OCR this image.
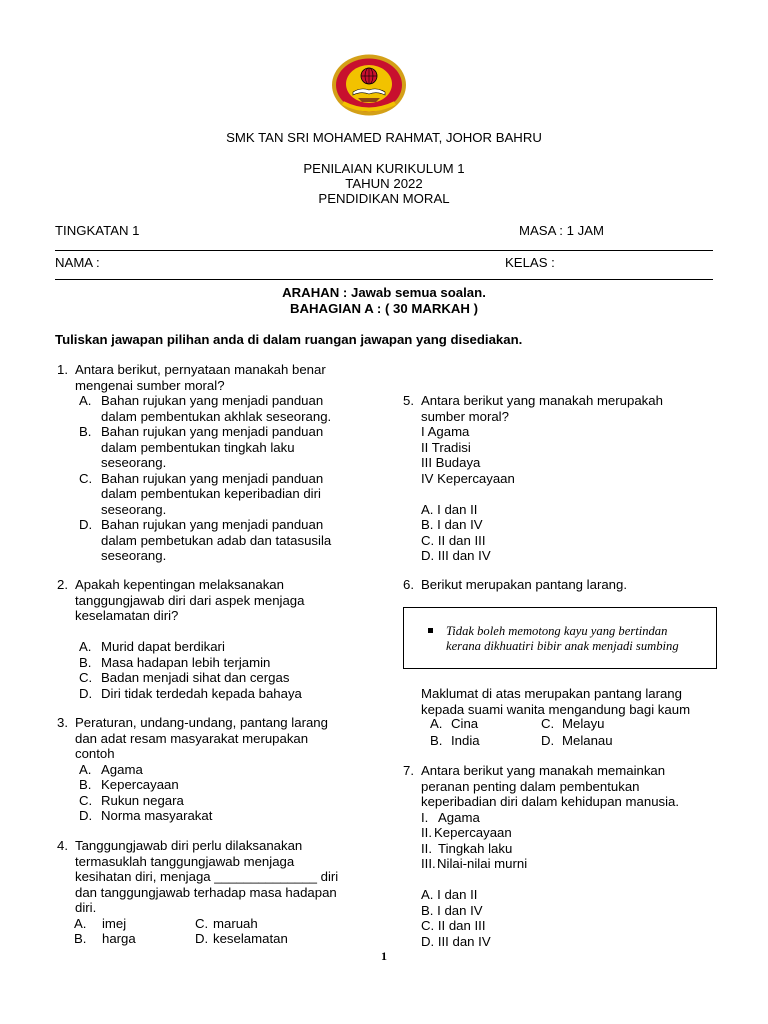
SMK TAN SRI MOHAMED RAHMAT, JOHOR BAHRU
PENILAIAN KURIKULUM 1
TAHUN 2022
PENDIDIKAN MORAL
TINGKATAN 1	MASA : 1 JAM
NAMA :	KELAS :
ARAHAN : Jawab semua soalan.
BAHAGIAN A : ( 30 MARKAH )
Tuliskan jawapan pilihan anda di dalam ruangan jawapan yang disediakan.
1. Antara berikut, pernyataan manakah benar
mengenai sumber moral?
A. Bahan rujukan yang menjadi panduan
dalam pembentukan akhlak seseorang.
B. Bahan rujukan yang menjadi panduan
dalam pembentukan tingkah laku
seseorang.
C. Bahan rujukan yang menjadi panduan
dalam pembentukan keperibadian diri
seseorang.
D. Bahan rujukan yang menjadi panduan
dalam pembetukan adab dan tatasusila
seseorang.
2. Apakah kepentingan melaksanakan
tanggungjawab diri dari aspek menjaga
keselamatan diri?
A. Murid dapat berdikari
B. Masa hadapan lebih terjamin
C. Badan menjadi sihat dan cergas
D. Diri tidak terdedah kepada bahaya
3. Peraturan, undang-undang, pantang larang
dan adat resam masyarakat merupakan
contoh
A. Agama
B. Kepercayaan
C. Rukun negara
D. Norma masyarakat
4. Tanggungjawab diri perlu dilaksanakan
termasuklah tanggungjawab menjaga
kesihatan diri, menjaga ______________ diri
dan tanggungjawab terhadap masa hadapan
diri.
A. imej	C. maruah
B. harga	D. keselamatan
5. Antara berikut yang manakah merupakah
sumber moral?
I Agama
II Tradisi
III Budaya
IV Kepercayaan
A. I dan II
B. I dan IV
C. II dan III
D. III dan IV
6. Berikut merupakan pantang larang.
Tidak boleh memotong kayu yang bertindan
kerana dikhuatiri bibir anak menjadi sumbing
Maklumat di atas merupakan pantang larang
kepada suami wanita mengandung bagi kaum
A. Cina	C. Melayu
B. India	D. Melanau
7. Antara berikut yang manakah memainkan
peranan penting dalam pembentukan
keperibadian diri dalam kehidupan manusia.
I. Agama
II. Kepercayaan
II. Tingkah laku
III. Nilai-nilai murni
A. I dan II
B. I dan IV
C. II dan III
D. III dan IV
1
